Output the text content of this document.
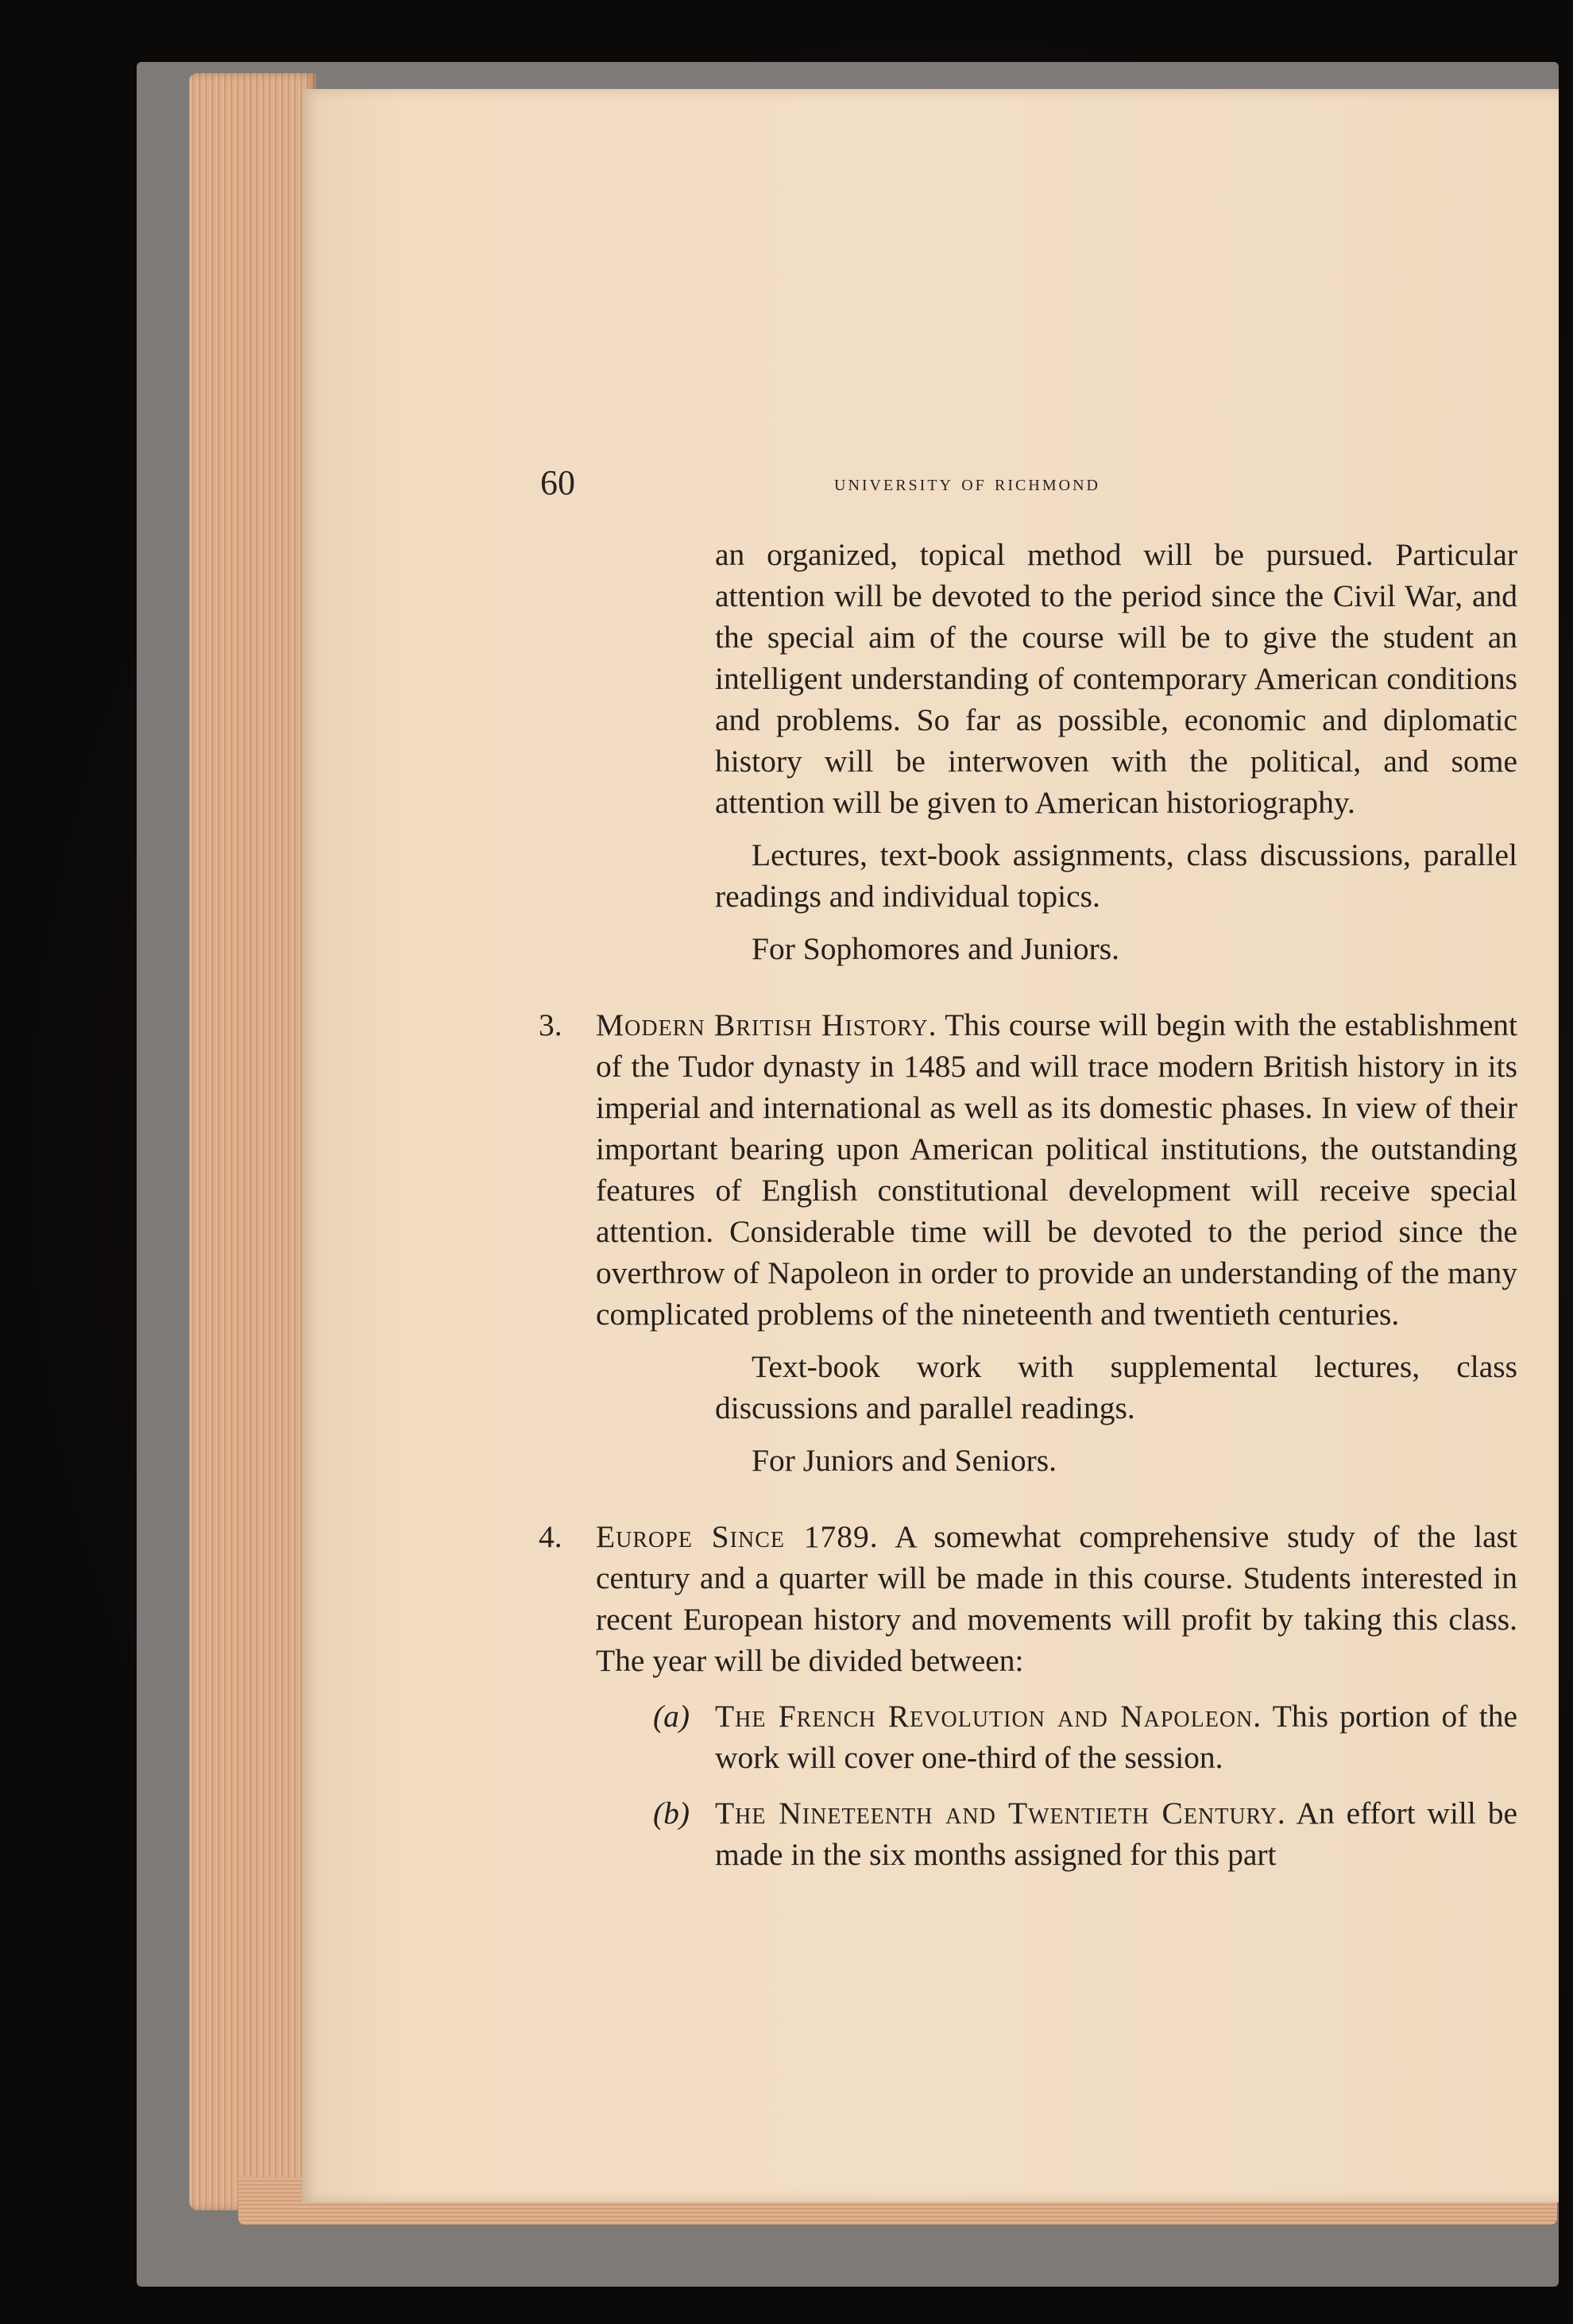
60	university of richmond

an organized, topical method will be pursued. Particular attention will be devoted to the period since the Civil War, and the special aim of the course will be to give the student an intelligent understanding of contemporary American conditions and problems. So far as possible, economic and diplomatic history will be interwoven with the political, and some attention will be given to American historiography.

Lectures, text-book assignments, class discussions, parallel readings and individual topics.

For Sophomores and Juniors.

3. Modern British History. This course will begin with the establishment of the Tudor dynasty in 1485 and will trace modern British history in its imperial and international as well as its domestic phases. In view of their important bearing upon American political institutions, the outstanding features of English constitutional development will receive special attention. Considerable time will be devoted to the period since the overthrow of Napoleon in order to provide an understanding of the many complicated problems of the nineteenth and twentieth centuries.

Text-book work with supplemental lectures, class discussions and parallel readings.

For Juniors and Seniors.

4. Europe Since 1789. A somewhat comprehensive study of the last century and a quarter will be made in this course. Students interested in recent European history and movements will profit by taking this class. The year will be divided between:
(a) The French Revolution and Napoleon. This portion of the work will cover one-third of the session.
(b) The Nineteenth and Twentieth Century. An effort will be made in the six months assigned for this part
